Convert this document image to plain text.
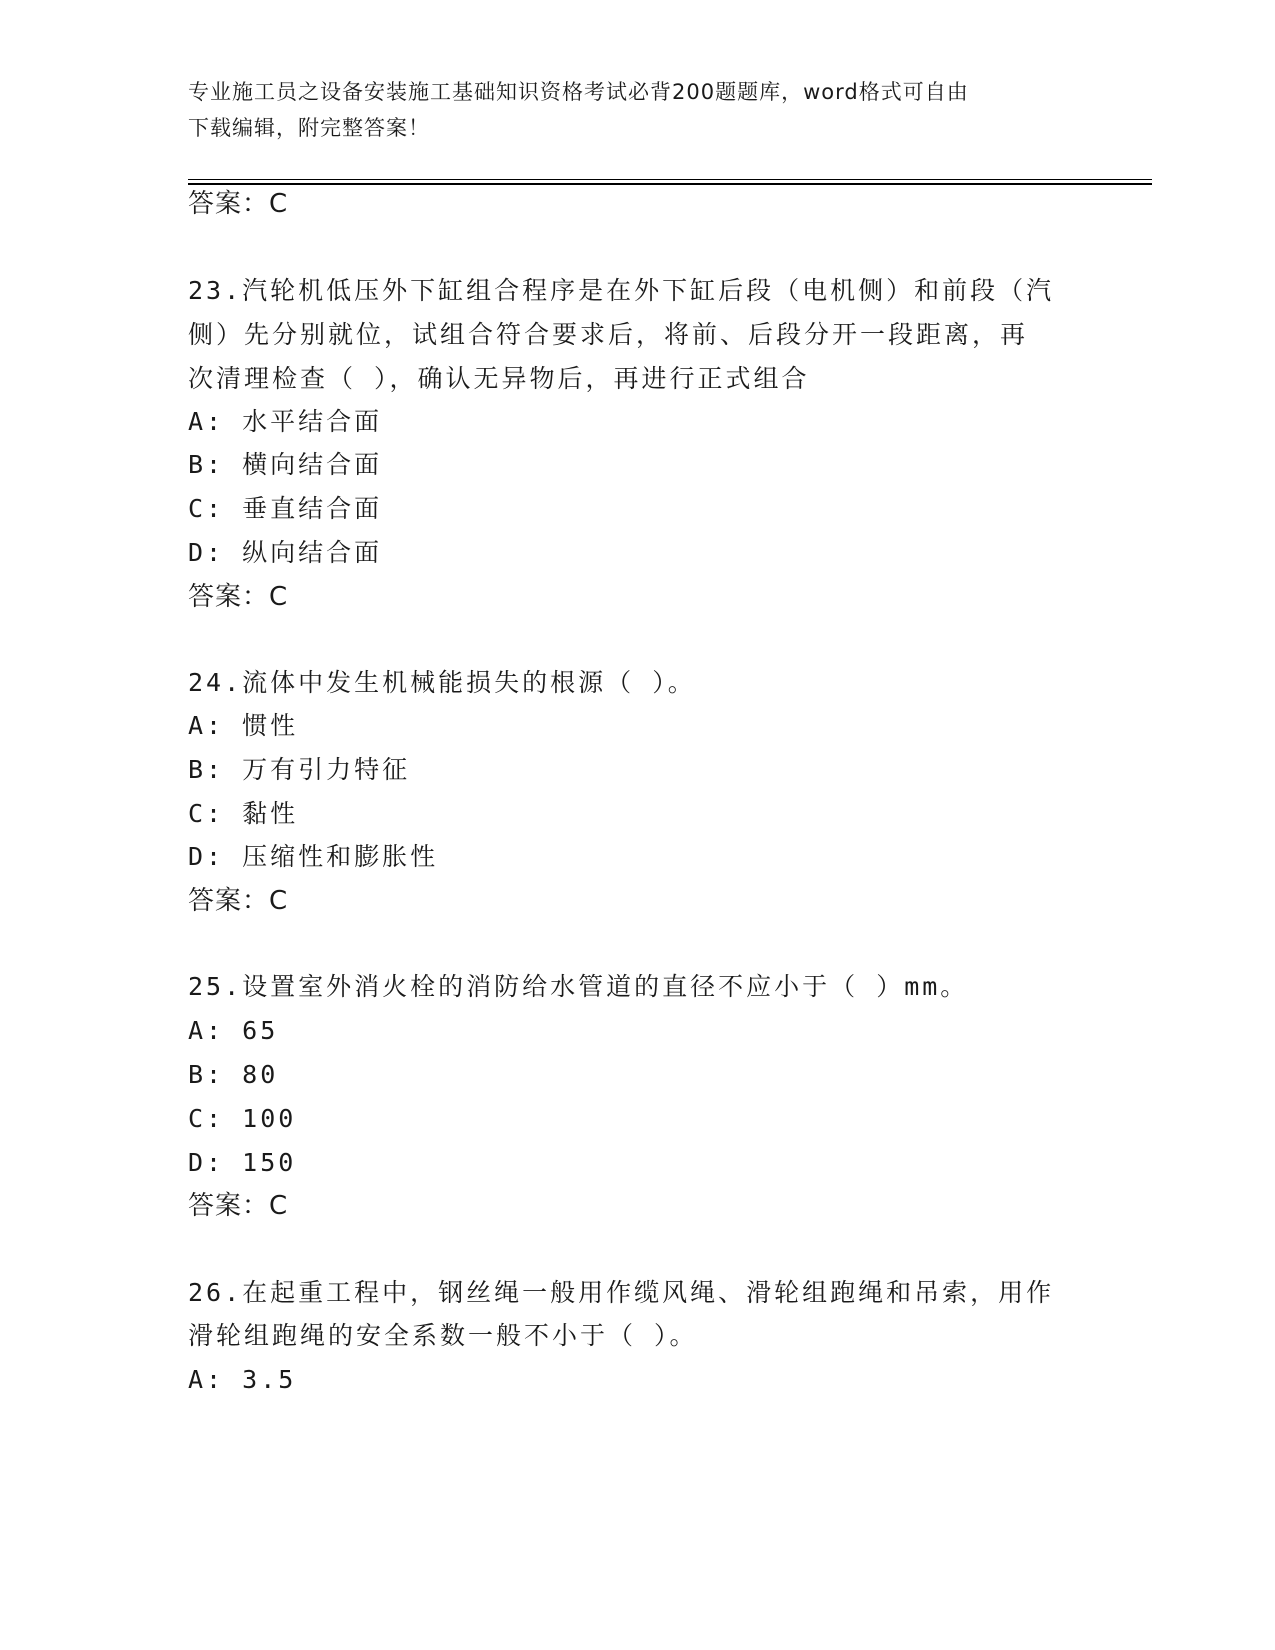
专业施工员之设备安装施工基础知识资格考试必背200题题库，word格式可自由
下载编辑，附完整答案！
答案：C
23.汽轮机低压外下缸组合程序是在外下缸后段（电机侧）和前段（汽
侧）先分别就位，试组合符合要求后，将前、后段分开一段距离，再
次清理检查（ ），确认无异物后，再进行正式组合
A: 水平结合面
B: 横向结合面
C: 垂直结合面
D: 纵向结合面
答案：C
24.流体中发生机械能损失的根源（ ）。
A: 惯性
B: 万有引力特征
C: 黏性
D: 压缩性和膨胀性
答案：C
25.设置室外消火栓的消防给水管道的直径不应小于（ ）mm。
A: 65
B: 80
C: 100
D: 150
答案：C
26.在起重工程中，钢丝绳一般用作缆风绳、滑轮组跑绳和吊索，用作
滑轮组跑绳的安全系数一般不小于（ ）。
A: 3.5
